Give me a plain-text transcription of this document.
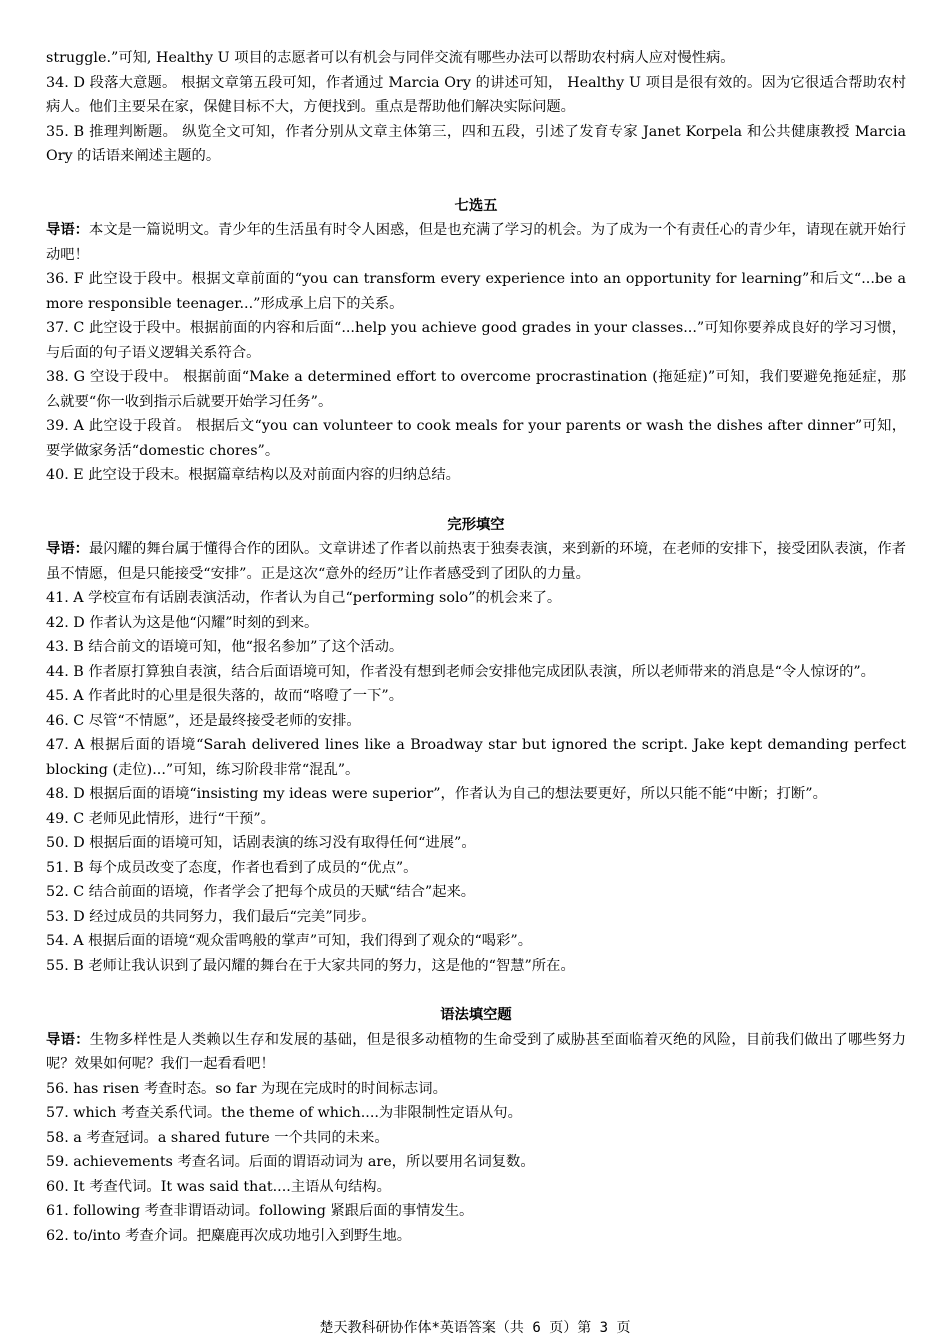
struggle.”可知, Healthy U 项目的志愿者可以有机会与同伴交流有哪些办法可以帮助农村病人应对慢性病。

34. D 段落大意题。 根据文章第五段可知，作者通过 Marcia Ory 的讲述可知， Healthy U 项目是很有效的。因为它很适合帮助农村病人。他们主要呆在家，保健目标不大，方便找到。重点是帮助他们解决实际问题。

35. B 推理判断题。 纵览全文可知，作者分别从文章主体第三，四和五段，引述了发育专家 Janet Korpela 和公共健康教授 Marcia Ory 的话语来阐述主题的。

七选五

导语：本文是一篇说明文。青少年的生活虽有时令人困惑，但是也充满了学习的机会。为了成为一个有责任心的青少年，请现在就开始行动吧！

36. F 此空设于段中。根据文章前面的“you can transform every experience into an opportunity for learning”和后文“...be a more responsible teenager...”形成承上启下的关系。

37. C 此空设于段中。根据前面的内容和后面“...help you achieve good grades in your classes...”可知你要养成良好的学习习惯，与后面的句子语义逻辑关系符合。

38. G 空设于段中。 根据前面“Make a determined effort to overcome procrastination (拖延症)”可知，我们要避免拖延症，那么就要“你一收到指示后就要开始学习任务”。

39. A 此空设于段首。 根据后文“you can volunteer to cook meals for your parents or wash the dishes after dinner”可知，要学做家务活“domestic chores”。

40. E 此空设于段末。根据篇章结构以及对前面内容的归纳总结。

完形填空

导语：最闪耀的舞台属于懂得合作的团队。文章讲述了作者以前热衷于独奏表演，来到新的环境，在老师的安排下，接受团队表演，作者虽不情愿，但是只能接受“安排”。正是这次“意外的经历”让作者感受到了团队的力量。

41. A 学校宣布有话剧表演活动，作者认为自己“performing solo”的机会来了。

42. D 作者认为这是他“闪耀”时刻的到来。

43. B 结合前文的语境可知，他“报名参加”了这个活动。

44. B 作者原打算独自表演，结合后面语境可知，作者没有想到老师会安排他完成团队表演，所以老师带来的消息是“令人惊讶的”。

45. A 作者此时的心里是很失落的，故而“咯噔了一下”。

46. C 尽管“不情愿”，还是最终接受老师的安排。

47. A 根据后面的语境“Sarah delivered lines like a Broadway star but ignored the script. Jake kept demanding perfect blocking (走位)...”可知，练习阶段非常“混乱”。

48. D 根据后面的语境“insisting my ideas were superior”，作者认为自己的想法要更好，所以只能不能“中断；打断”。

49. C 老师见此情形，进行“干预”。

50. D 根据后面的语境可知，话剧表演的练习没有取得任何“进展”。

51. B 每个成员改变了态度，作者也看到了成员的“优点”。

52. C 结合前面的语境，作者学会了把每个成员的天赋“结合”起来。

53. D 经过成员的共同努力，我们最后“完美”同步。

54. A 根据后面的语境“观众雷鸣般的掌声”可知，我们得到了观众的“喝彩”。

55. B 老师让我认识到了最闪耀的舞台在于大家共同的努力，这是他的“智慧”所在。

语法填空题

导语：生物多样性是人类赖以生存和发展的基础，但是很多动植物的生命受到了威胁甚至面临着灭绝的风险，目前我们做出了哪些努力呢？效果如何呢？我们一起看看吧！

56. has risen 考查时态。so far 为现在完成时的时间标志词。

57. which 考查关系代词。the theme of which....为非限制性定语从句。

58. a 考查冠词。a shared future 一个共同的未来。

59. achievements 考查名词。后面的谓语动词为 are，所以要用名词复数。

60. It 考查代词。It was said that....主语从句结构。

61. following 考查非谓语动词。following 紧跟后面的事情发生。

62. to/into 考查介词。把麋鹿再次成功地引入到野生地。

楚天教科研协作体*英语答案（共 6 页）第 3 页
